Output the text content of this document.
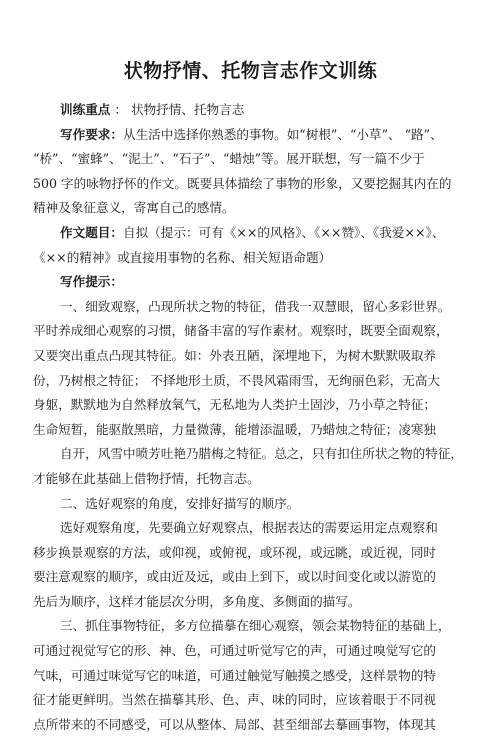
状物抒情、托物言志作文训练
训练重点 ： 状物抒情、托物言志
写作要求：从生活中选择你熟悉的事物。如“树根”、“小草”、 “路”、
“桥”、“蜜蜂”、“泥土”、“石子”、“蜡烛”等。展开联想，写一篇不少于
500 字的咏物抒怀的作文。既要具体描绘了事物的形象，又要挖掘其内在的
精神及象征意义，寄寓自己的感情。
作文题目：自拟（提示：可有《××的风格》、《××赞》、《我爱××》、
《××的精神》或直接用事物的名称、相关短语命题）
写作提示：
一、细致观察，凸现所状之物的特征，借我一双慧眼，留心多彩世界。
平时养成细心观察的习惯，储备丰富的写作素材。观察时，既要全面观察，
又要突出重点凸现其特征。如：外表丑陋，深埋地下，为树木默默吸取养
份，乃树根之特征； 不择地形土质，不畏风霜雨雪，无绚丽色彩，无高大
身躯，默默地为自然释放氧气，无私地为人类护土固沙，乃小草之特征；
生命短暂，能驱散黑暗，力量微薄，能增添温暖，乃蜡烛之特征；凌寒独
自开，风雪中喷芳吐艳乃腊梅之特征。总之，只有扣住所状之物的特征，
才能够在此基础上借物抒情，托物言志。
二、选好观察的角度，安排好描写的顺序。
选好观察角度，先要确立好观察点，根据表达的需要运用定点观察和
移步换景观察的方法，或仰视，或俯视，或环视，或远眺，或近视，同时
要注意观察的顺序，或由近及远，或由上到下，或以时间变化或以游览的
先后为顺序，这样才能层次分明，多角度、多侧面的描写。
三、抓住事物特征，多方位描摹在细心观察，领会某物特征的基础上，
可通过视觉写它的形、神、色，可通过听觉写它的声，可通过嗅觉写它的
气味，可通过味觉写它的味道，可通过触觉写触摸之感受，这样景物的特
征才能更鲜明。当然在描摹其形、色、声、味的同时，应该着眼于不同视
点所带来的不同感受，可以从整体、局部、甚至细部去摹画事物，体现其
